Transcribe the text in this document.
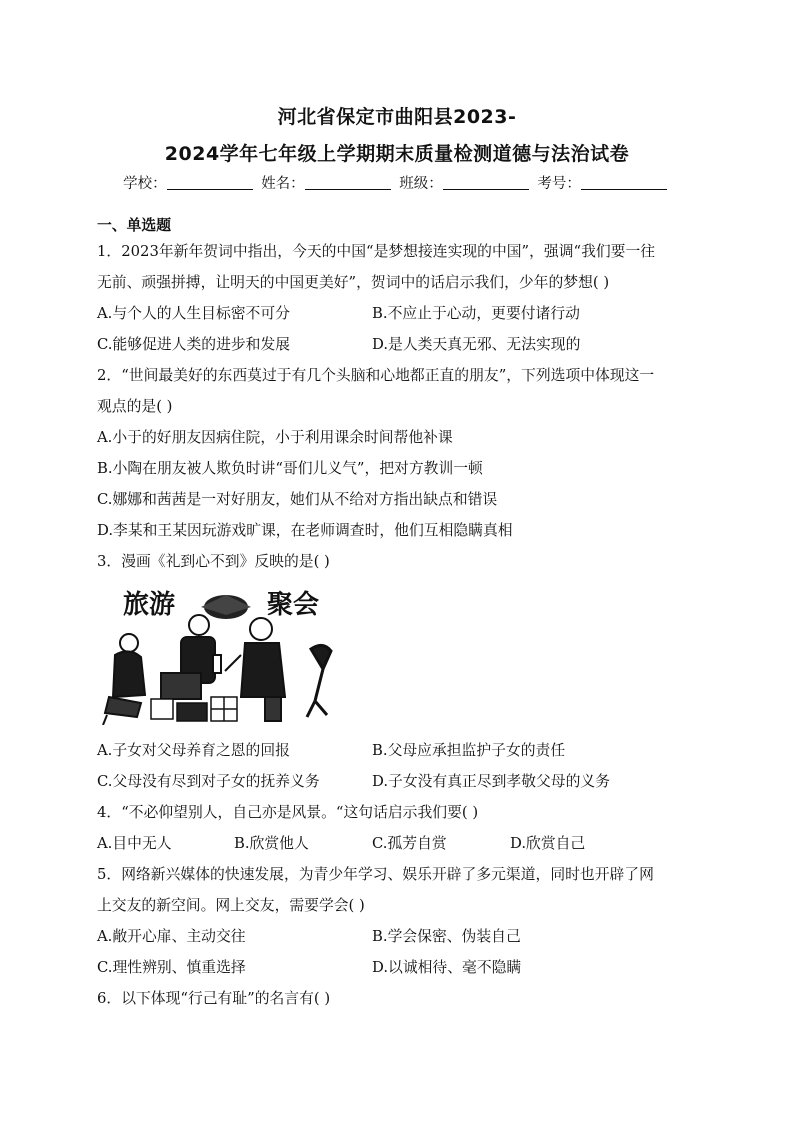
河北省保定市曲阳县2023-
2024学年七年级上学期期末质量检测道德与法治试卷
学校：	姓名：	班级：	考号：
一、单选题
1．2023年新年贺词中指出，今天的中国“是梦想接连实现的中国”，强调“我们要一往
无前、顽强拼搏，让明天的中国更美好”，贺词中的话启示我们，少年的梦想( )
A.与个人的人生目标密不可分	B.不应止于心动，更要付诸行动
C.能够促进人类的进步和发展	D.是人类天真无邪、无法实现的
2．“世间最美好的东西莫过于有几个头脑和心地都正直的朋友”，下列选项中体现这一
观点的是( )
A.小于的好朋友因病住院，小于利用课余时间帮他补课
B.小陶在朋友被人欺负时讲“哥们儿义气”，把对方教训一顿
C.娜娜和茜茜是一对好朋友，她们从不给对方指出缺点和错误
D.李某和王某因玩游戏旷课，在老师调查时，他们互相隐瞒真相
3．漫画《礼到心不到》反映的是( )
旅游	聚会
A.子女对父母养育之恩的回报	B.父母应承担监护子女的责任
C.父母没有尽到对子女的抚养义务	D.子女没有真正尽到孝敬父母的义务
4．“不必仰望别人，自己亦是风景。“这句话启示我们要( )
A.目中无人	B.欣赏他人	C.孤芳自赏	D.欣赏自己
5．网络新兴媒体的快速发展，为青少年学习、娱乐开辟了多元渠道，同时也开辟了网
上交友的新空间。网上交友，需要学会( )
A.敞开心扉、主动交往	B.学会保密、伪装自己
C.理性辨别、慎重选择	D.以诚相待、毫不隐瞒
6．以下体现“行己有耻”的名言有( )
